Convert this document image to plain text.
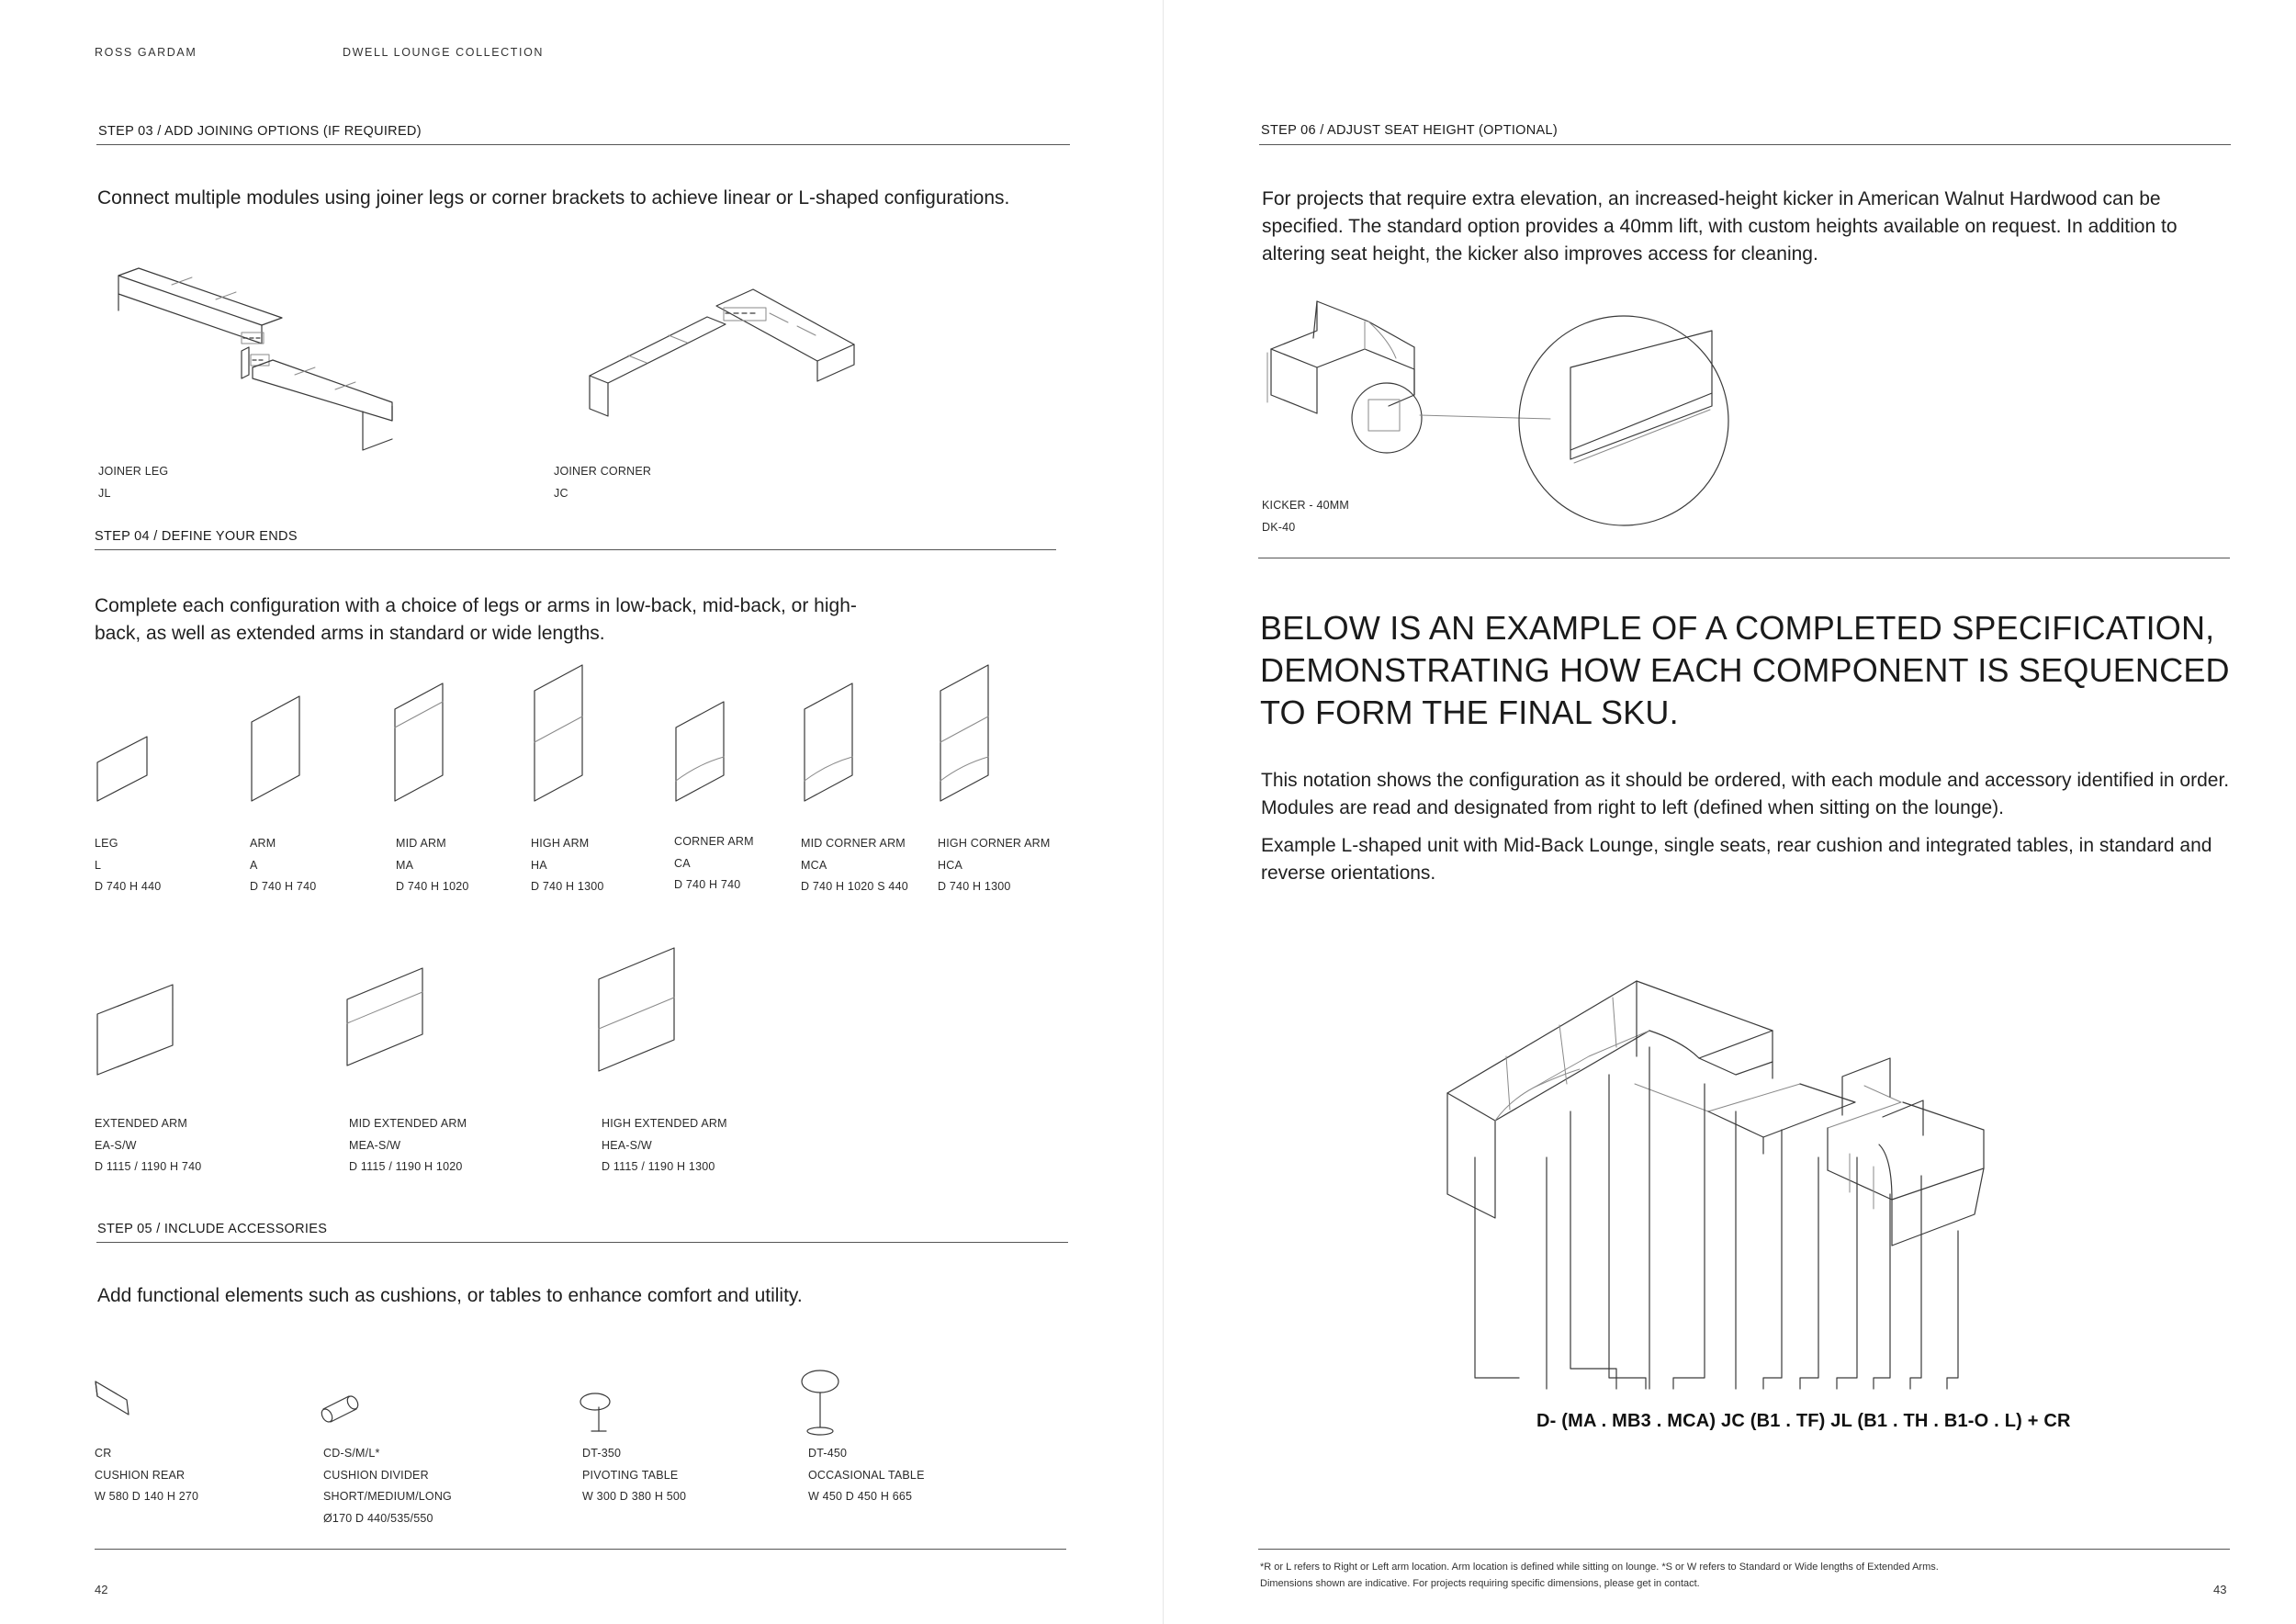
ROSS GARDAM	DWELL LOUNGE COLLECTION
STEP 03 / ADD JOINING OPTIONS (IF REQUIRED)
Connect multiple modules using joiner legs or corner brackets to achieve linear or L-shaped configurations.
JOINER LEG
JL
JOINER CORNER
JC
STEP 04 / DEFINE YOUR ENDS
Complete each configuration with a choice of legs or arms in low-back, mid-back, or high-back, as well as extended arms in standard or wide lengths.
LEG
L
D 740 H 440
ARM
A
D 740 H 740
MID ARM
MA
D 740 H 1020
HIGH ARM
HA
D 740 H 1300
CORNER ARM
CA
D 740 H 740
MID CORNER ARM
MCA
D 740 H 1020 S 440
HIGH CORNER ARM
HCA
D 740 H 1300
EXTENDED ARM
EA-S/W
D 1115 / 1190 H 740
MID EXTENDED ARM
MEA-S/W
D 1115 / 1190 H 1020
HIGH EXTENDED ARM
HEA-S/W
D 1115 / 1190 H 1300
STEP 05 / INCLUDE ACCESSORIES
Add functional elements such as cushions, or tables to enhance comfort and utility.
CR
CUSHION REAR
W 580 D 140 H 270
CD-S/M/L*
CUSHION DIVIDER
SHORT/MEDIUM/LONG
Ø170 D 440/535/550
DT-350
PIVOTING TABLE
W 300 D 380 H 500
DT-450
OCCASIONAL TABLE
W 450 D 450 H 665
42
STEP 06 / ADJUST SEAT HEIGHT (OPTIONAL)
For projects that require extra elevation, an increased-height kicker in American Walnut Hardwood can be specified. The standard option provides a 40mm lift, with custom heights available on request. In addition to altering seat height, the kicker also improves access for cleaning.
KICKER - 40MM
DK-40
BELOW IS AN EXAMPLE OF A COMPLETED SPECIFICATION, DEMONSTRATING HOW EACH COMPONENT IS SEQUENCED TO FORM THE FINAL SKU.
This notation shows the configuration as it should be ordered, with each module and accessory identified in order. Modules are read and designated from right to left (defined when sitting on the lounge).
Example L-shaped unit with Mid-Back Lounge, single seats, rear cushion and integrated tables, in standard and reverse orientations.
D- (MA . MB3 . MCA) JC (B1 . TF) JL (B1 . TH . B1-O . L) + CR
*R or L refers to Right or Left arm location. Arm location is defined while sitting on lounge. *S or W refers to Standard or Wide lengths of Extended Arms.
Dimensions shown are indicative. For projects requiring specific dimensions, please get in contact.	43
